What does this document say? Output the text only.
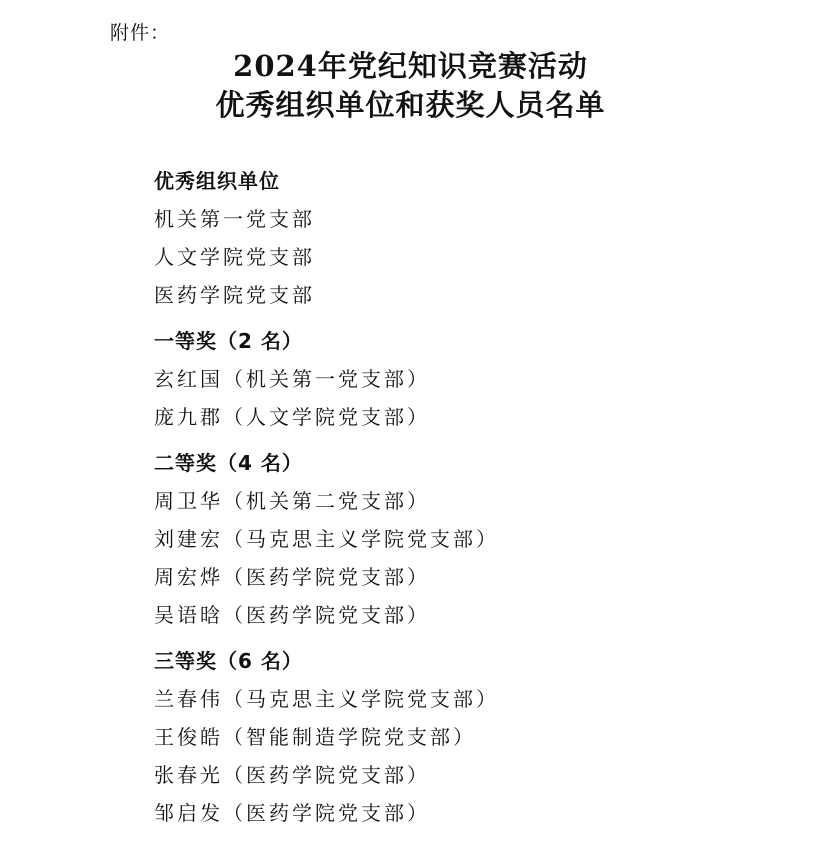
附件：
2024年党纪知识竞赛活动
优秀组织单位和获奖人员名单
优秀组织单位
机关第一党支部
人文学院党支部
医药学院党支部
一等奖（2 名）
玄红国（机关第一党支部）
庞九郡（人文学院党支部）
二等奖（4 名）
周卫华（机关第二党支部）
刘建宏（马克思主义学院党支部）
周宏烨（医药学院党支部）
吴语晗（医药学院党支部）
三等奖（6 名）
兰春伟（马克思主义学院党支部）
王俊皓（智能制造学院党支部）
张春光（医药学院党支部）
邹启发（医药学院党支部）
